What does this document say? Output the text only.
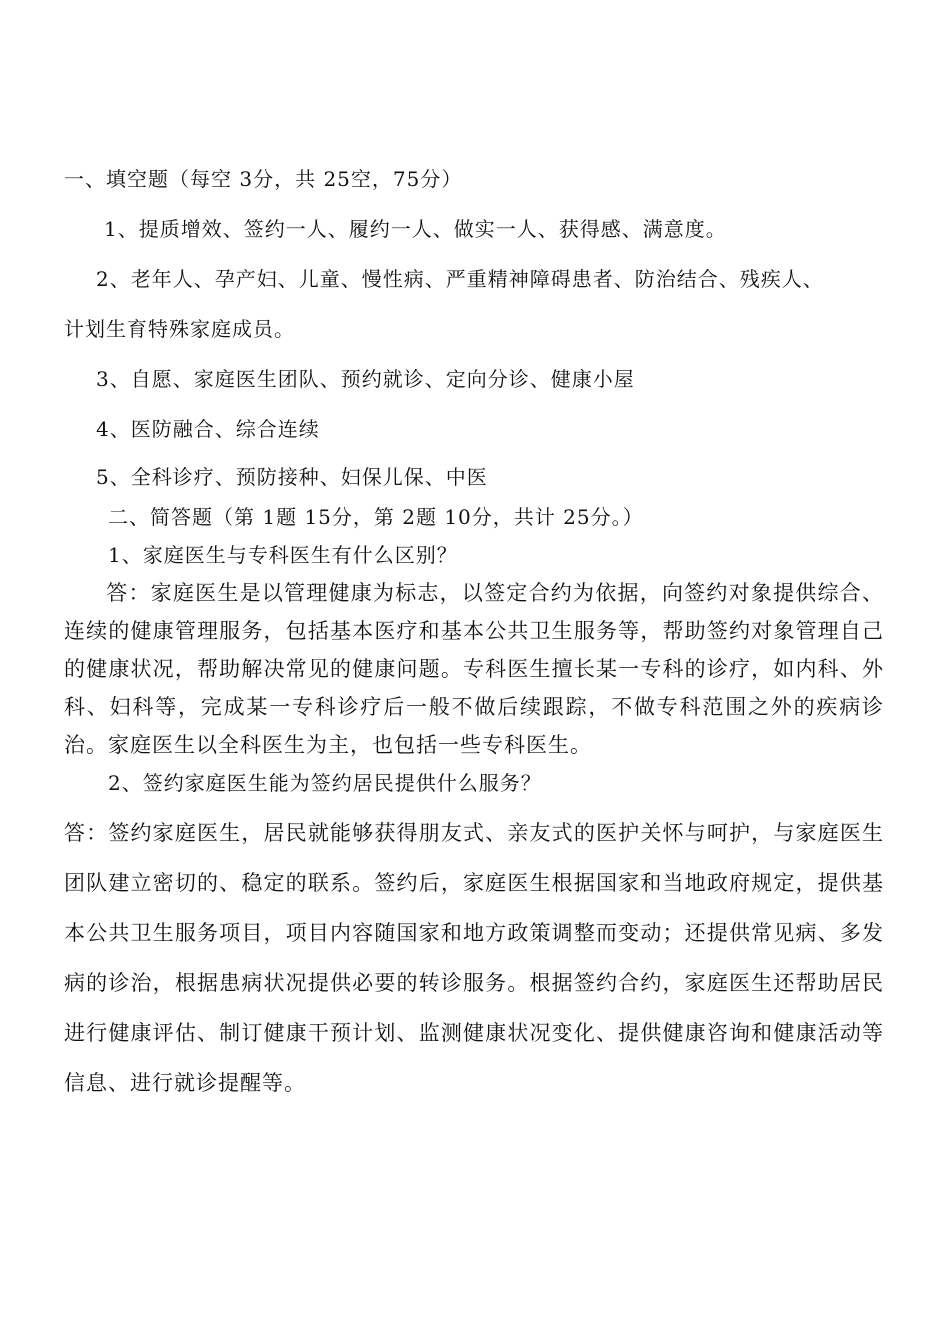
一、填空题（每空 3分，共 25空，75分）
1、提质增效、签约一人、履约一人、做实一人、获得感、满意度。
2、老年人、孕产妇、儿童、慢性病、严重精神障碍患者、防治结合、残疾人、
计划生育特殊家庭成员。
3、自愿、家庭医生团队、预约就诊、定向分诊、健康小屋
4、医防融合、综合连续
5、全科诊疗、预防接种、妇保儿保、中医
二、简答题（第 1题 15分，第 2题 10分，共计 25分。）
1、家庭医生与专科医生有什么区别？
答：家庭医生是以管理健康为标志，以签定合约为依据，向签约对象提供综合、连续的健康管理服务，包括基本医疗和基本公共卫生服务等，帮助签约对象管理自己的健康状况，帮助解决常见的健康问题。专科医生擅长某一专科的诊疗，如内科、外科、妇科等，完成某一专科诊疗后一般不做后续跟踪，不做专科范围之外的疾病诊治。家庭医生以全科医生为主，也包括一些专科医生。
2、签约家庭医生能为签约居民提供什么服务？
答：签约家庭医生，居民就能够获得朋友式、亲友式的医护关怀与呵护，与家庭医生团队建立密切的、稳定的联系。签约后，家庭医生根据国家和当地政府规定，提供基本公共卫生服务项目，项目内容随国家和地方政策调整而变动；还提供常见病、多发病的诊治，根据患病状况提供必要的转诊服务。根据签约合约，家庭医生还帮助居民进行健康评估、制订健康干预计划、监测健康状况变化、提供健康咨询和健康活动等信息、进行就诊提醒等。
